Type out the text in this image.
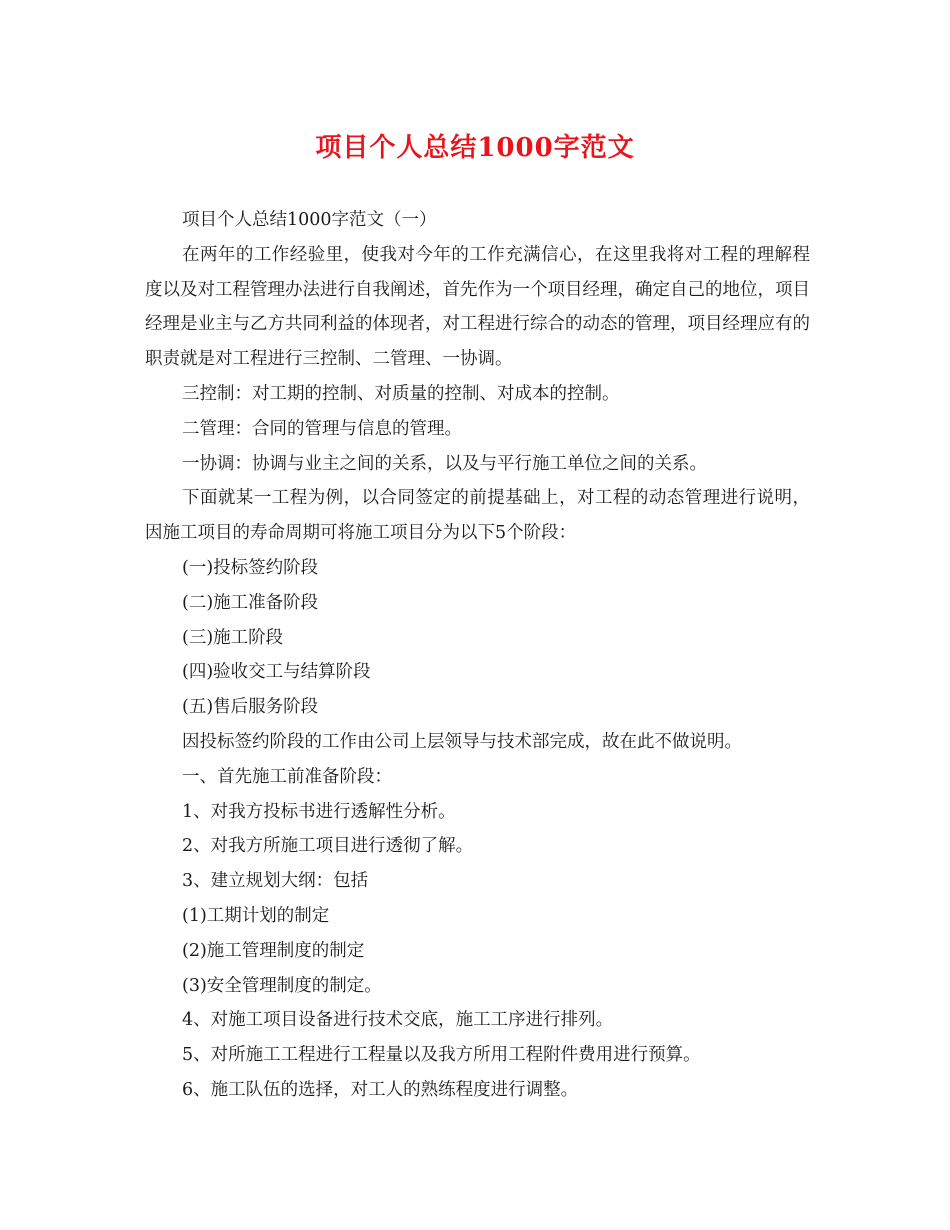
项目个人总结1000字范文

项目个人总结1000字范文（一）

在两年的工作经验里，使我对今年的工作充满信心，在这里我将对工程的理解程度以及对工程管理办法进行自我阐述，首先作为一个项目经理，确定自己的地位，项目经理是业主与乙方共同利益的体现者，对工程进行综合的动态的管理，项目经理应有的职责就是对工程进行三控制、二管理、一协调。

三控制：对工期的控制、对质量的控制、对成本的控制。

二管理：合同的管理与信息的管理。

一协调：协调与业主之间的关系，以及与平行施工单位之间的关系。

下面就某一工程为例，以合同签定的前提基础上，对工程的动态管理进行说明，因施工项目的寿命周期可将施工项目分为以下5个阶段：

(一)投标签约阶段

(二)施工准备阶段

(三)施工阶段

(四)验收交工与结算阶段

(五)售后服务阶段

因投标签约阶段的工作由公司上层领导与技术部完成，故在此不做说明。

一、首先施工前准备阶段：

1、对我方投标书进行透解性分析。

2、对我方所施工项目进行透彻了解。

3、建立规划大纲：包括

(1)工期计划的制定

(2)施工管理制度的制定

(3)安全管理制度的制定。

4、对施工项目设备进行技术交底，施工工序进行排列。

5、对所施工工程进行工程量以及我方所用工程附件费用进行预算。

6、施工队伍的选择，对工人的熟练程度进行调整。
